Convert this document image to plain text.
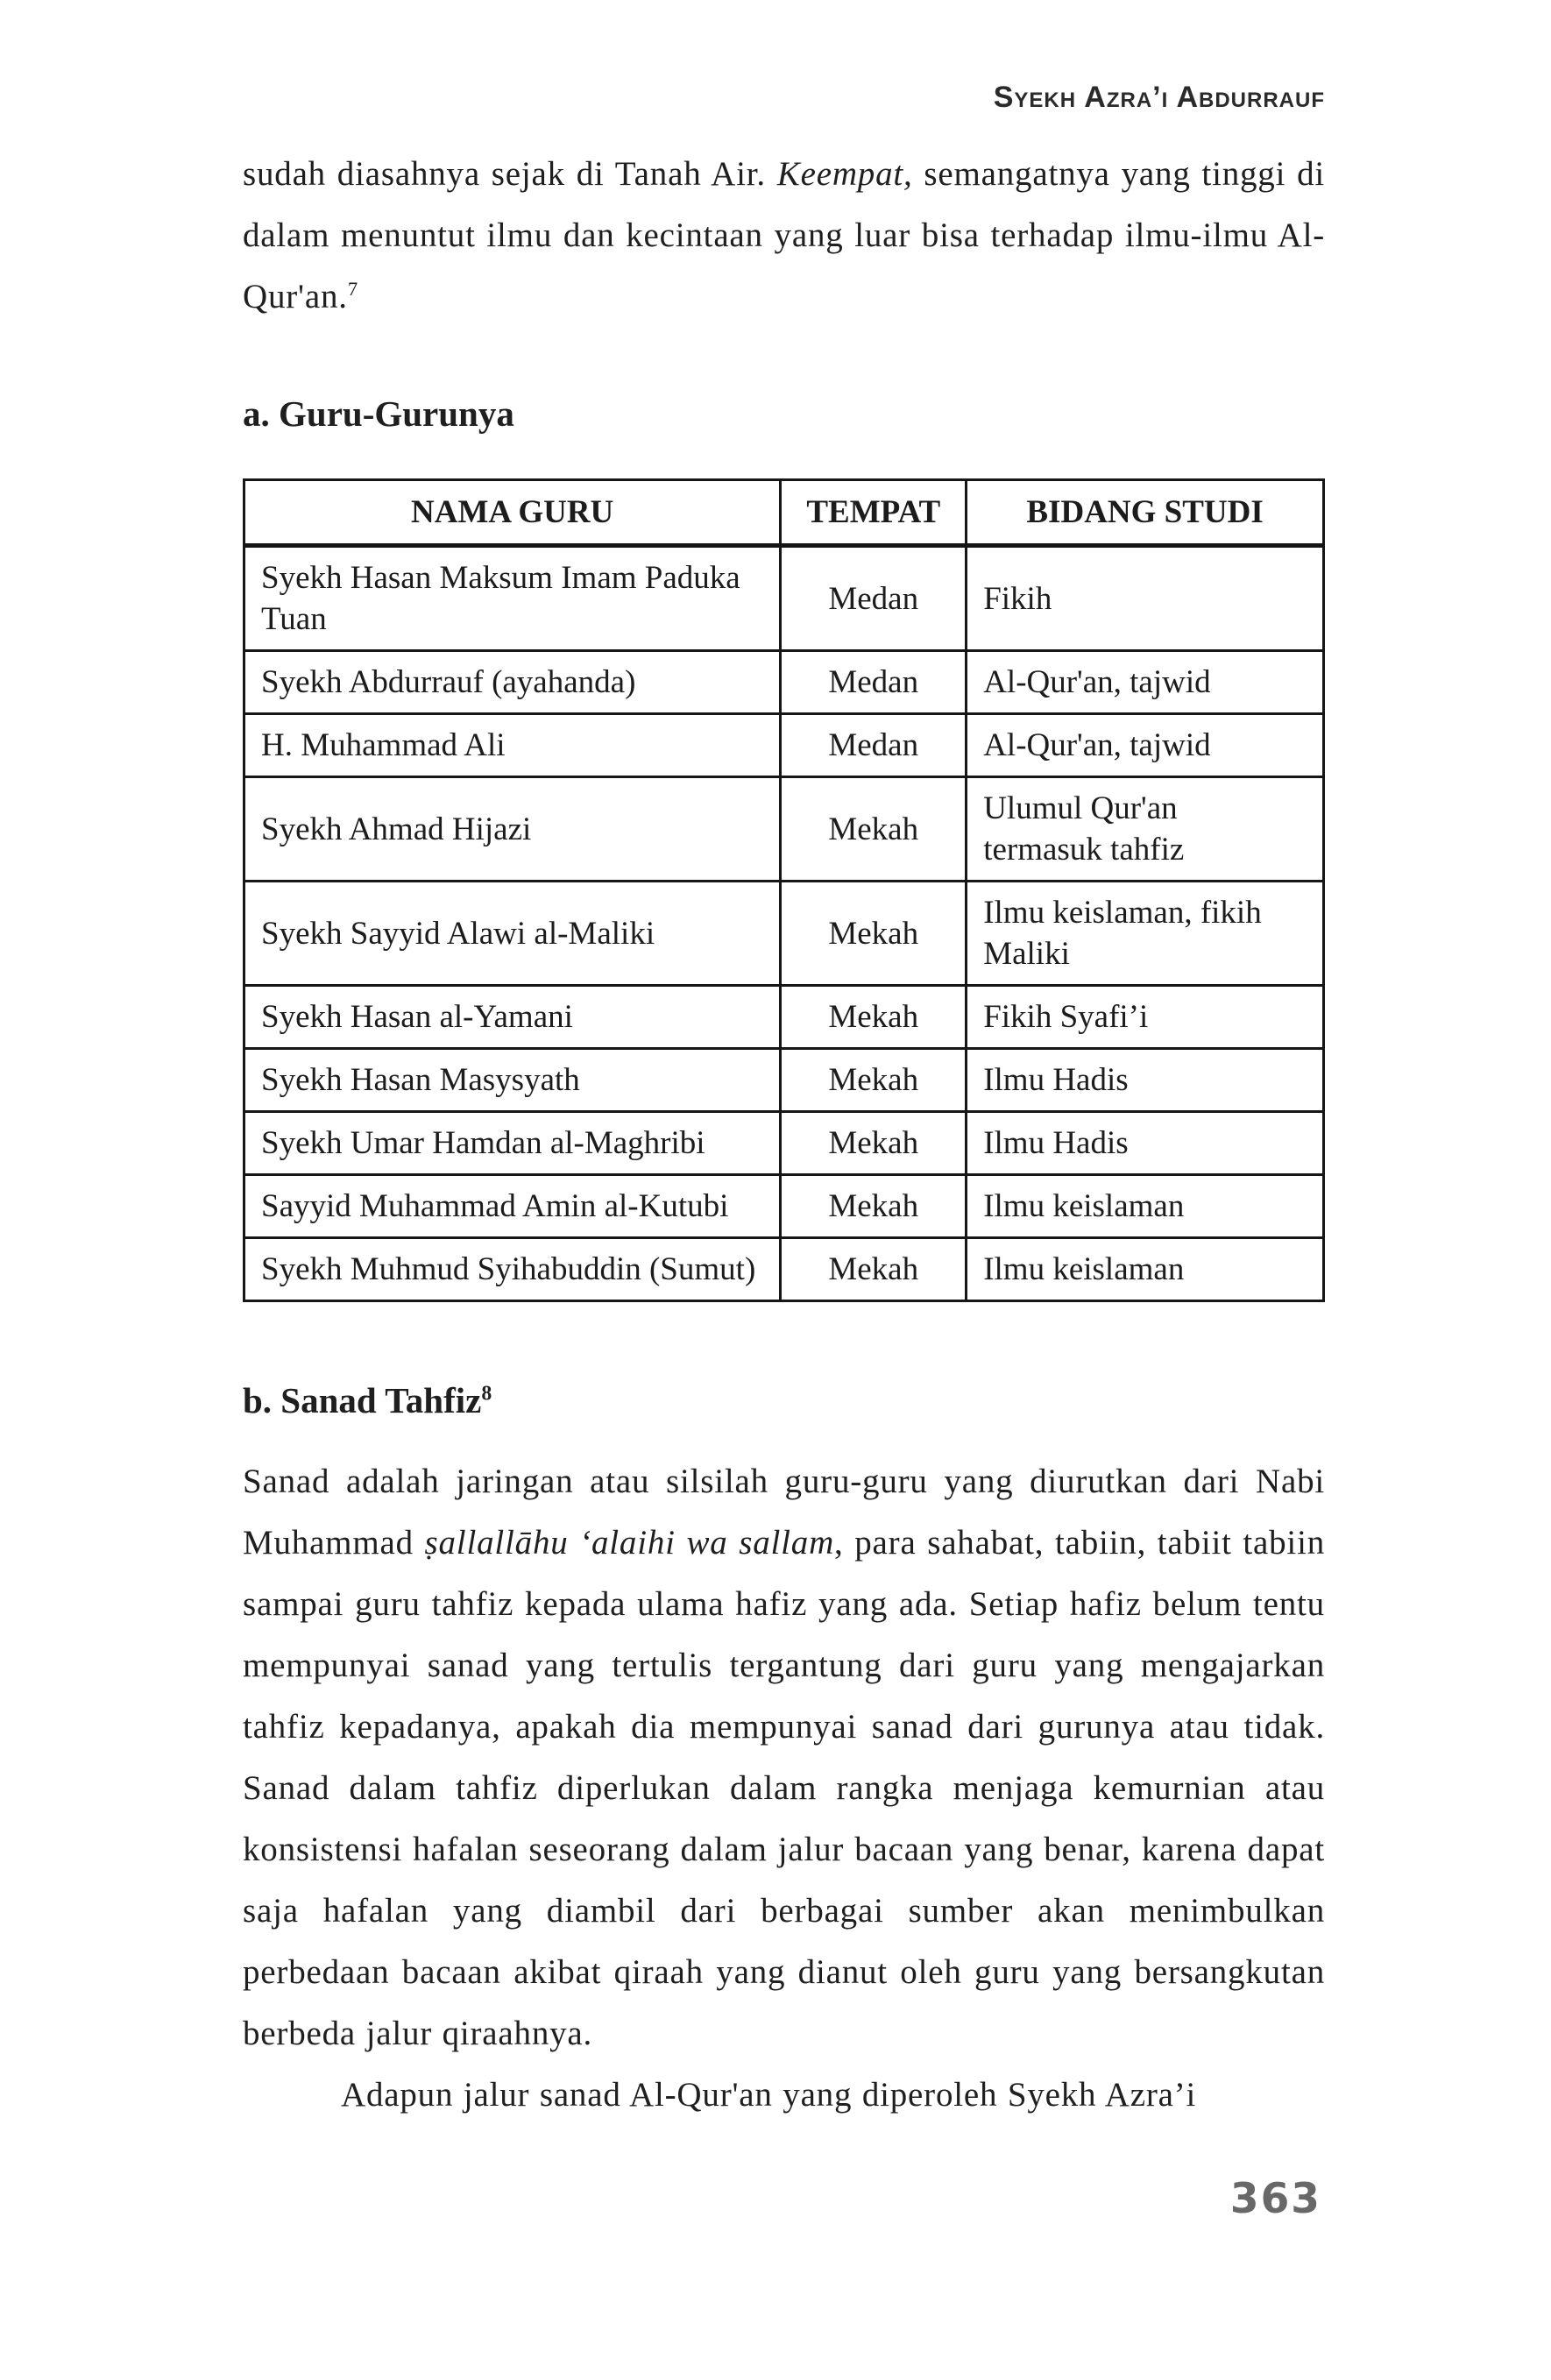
Syekh Azra’i Abdurrauf

sudah diasahnya sejak di Tanah Air. Keempat, semangatnya yang tinggi di dalam menuntut ilmu dan kecintaan yang luar bisa terhadap ilmu-ilmu Al-Qur'an.$^7$

a. Guru-Gurunya
NAMA GURU	TEMPAT	BIDANG STUDI
Syekh Hasan Maksum Imam Paduka Tuan	Medan	Fikih
Syekh Abdurrauf (ayahanda)	Medan	Al-Qur'an, tajwid
H. Muhammad Ali	Medan	Al-Qur'an, tajwid
Syekh Ahmad Hijazi	Mekah	Ulumul Qur'an termasuk tahfiz
Syekh Sayyid Alawi al-Maliki	Mekah	Ilmu keislaman, fikih Maliki
Syekh Hasan al-Yamani	Mekah	Fikih Syafi’i
Syekh Hasan Masysyath	Mekah	Ilmu Hadis
Syekh Umar Hamdan al-Maghribi	Mekah	Ilmu Hadis
Sayyid Muhammad Amin al-Kutubi	Mekah	Ilmu keislaman
Syekh Muhmud Syihabuddin (Sumut)	Mekah	Ilmu keislaman
b. Sanad Tahfiz$^8$

Sanad adalah jaringan atau silsilah guru-guru yang diurutkan dari Nabi Muhammad ṣallallāhu ʻalaihi wa sallam, para sahabat, tabiin, tabiit tabiin sampai guru tahfiz kepada ulama hafiz yang ada. Setiap hafiz belum tentu mempunyai sanad yang tertulis tergantung dari guru yang mengajarkan tahfiz kepadanya, apakah dia mempunyai sanad dari gurunya atau tidak. Sanad dalam tahfiz diperlukan dalam rangka menjaga kemurnian atau konsistensi hafalan seseorang dalam jalur bacaan yang benar, karena dapat saja hafalan yang diambil dari berbagai sumber akan menimbulkan perbedaan bacaan akibat qiraah yang dianut oleh guru yang bersangkutan berbeda jalur qiraahnya.

Adapun jalur sanad Al-Qur'an yang diperoleh Syekh Azra’i

363
